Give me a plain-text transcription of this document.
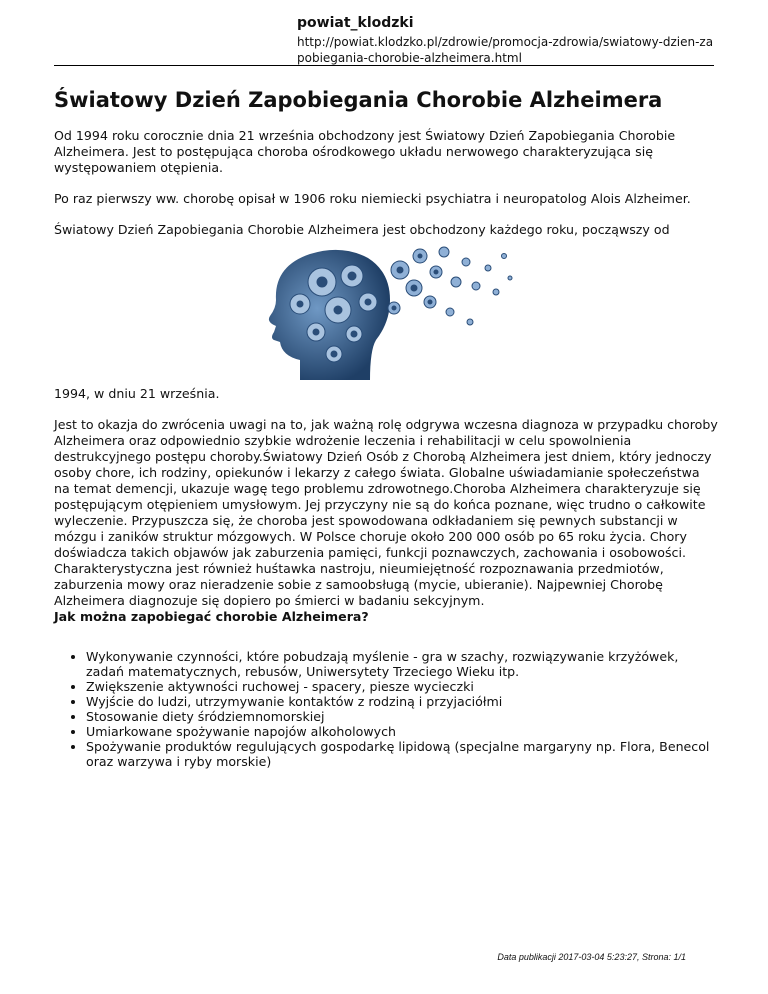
powiat_klodzki
http://powiat.klodzko.pl/zdrowie/promocja-zdrowia/swiatowy-dzien-zapobiegania-chorobie-alzheimera.html
Światowy Dzień Zapobiegania Chorobie Alzheimera

Od 1994 roku corocznie dnia 21 września obchodzony jest Światowy Dzień Zapobiegania Chorobie Alzheimera. Jest to postępująca choroba ośrodkowego układu nerwowego charakteryzująca się występowaniem otępienia.

Po raz pierwszy ww. chorobę opisał w 1906 roku niemiecki psychiatra i neuropatolog Alois Alzheimer.

Światowy Dzień Zapobiegania Chorobie Alzheimera jest obchodzony każdego roku, począwszy od

1994, w dniu 21 września.

Jest to okazja do zwrócenia uwagi na to, jak ważną rolę odgrywa wczesna diagnoza w przypadku choroby Alzheimera oraz odpowiednio szybkie wdrożenie leczenia i rehabilitacji w celu spowolnienia destrukcyjnego postępu choroby.Światowy Dzień Osób z Chorobą Alzheimera jest dniem, który jednoczy osoby chore, ich rodziny, opiekunów i lekarzy z całego świata. Globalne uświadamianie społeczeństwa na temat demencji, ukazuje wagę tego problemu zdrowotnego.Choroba Alzheimera charakteryzuje się postępującym otępieniem umysłowym. Jej przyczyny nie są do końca poznane, więc trudno o całkowite wyleczenie. Przypuszcza się, że choroba jest spowodowana odkładaniem się pewnych substancji w mózgu i zaników struktur mózgowych. W Polsce choruje około 200 000 osób po 65 roku życia. Chory doświadcza takich objawów jak zaburzenia pamięci, funkcji poznawczych, zachowania i osobowości. Charakterystyczna jest również huśtawka nastroju, nieumiejętność rozpoznawania przedmiotów, zaburzenia mowy oraz nieradzenie sobie z samoobsługą (mycie, ubieranie). Najpewniej Chorobę Alzheimera diagnozuje się dopiero po śmierci w badaniu sekcyjnym.
Jak można zapobiegać chorobie Alzheimera?

• Wykonywanie czynności, które pobudzają myślenie - gra w szachy, rozwiązywanie krzyżówek, zadań matematycznych, rebusów, Uniwersytety Trzeciego Wieku itp.
• Zwiększenie aktywności ruchowej - spacery, piesze wycieczki
• Wyjście do ludzi, utrzymywanie kontaktów z rodziną i przyjaciółmi
• Stosowanie diety śródziemnomorskiej
• Umiarkowane spożywanie napojów alkoholowych
• Spożywanie produktów regulujących gospodarkę lipidową (specjalne margaryny np. Flora, Benecol oraz warzywa i ryby morskie)
Data publikacji 2017-03-04 5:23:27, Strona: 1/1
